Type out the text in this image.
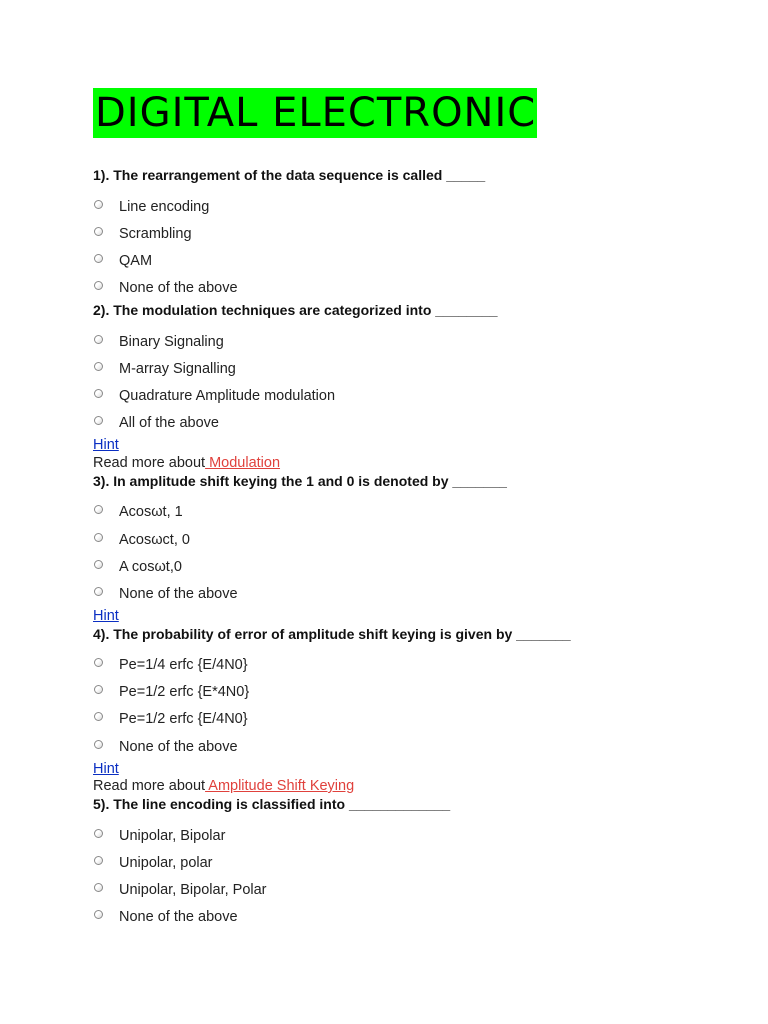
DIGITAL ELECTRONIC
1). The rearrangement of the data sequence is called _____
Line encoding
Scrambling
QAM
None of the above
2). The modulation techniques are categorized into ________
Binary Signaling
M-array Signalling
Quadrature Amplitude modulation
All of the above
Hint
Read more about Modulation
3). In amplitude shift keying the 1 and 0 is denoted by _______
Acosωt, 1
Acosωct, 0
A cosωt,0
None of the above
Hint
4). The probability of error of amplitude shift keying is given by _______
Pe=1/4 erfc {E/4N0}
Pe=1/2 erfc {E*4N0}
Pe=1/2 erfc {E/4N0}
None of the above
Hint
Read more about Amplitude Shift Keying
5). The line encoding is classified into _____________
Unipolar, Bipolar
Unipolar, polar
Unipolar, Bipolar, Polar
None of the above
